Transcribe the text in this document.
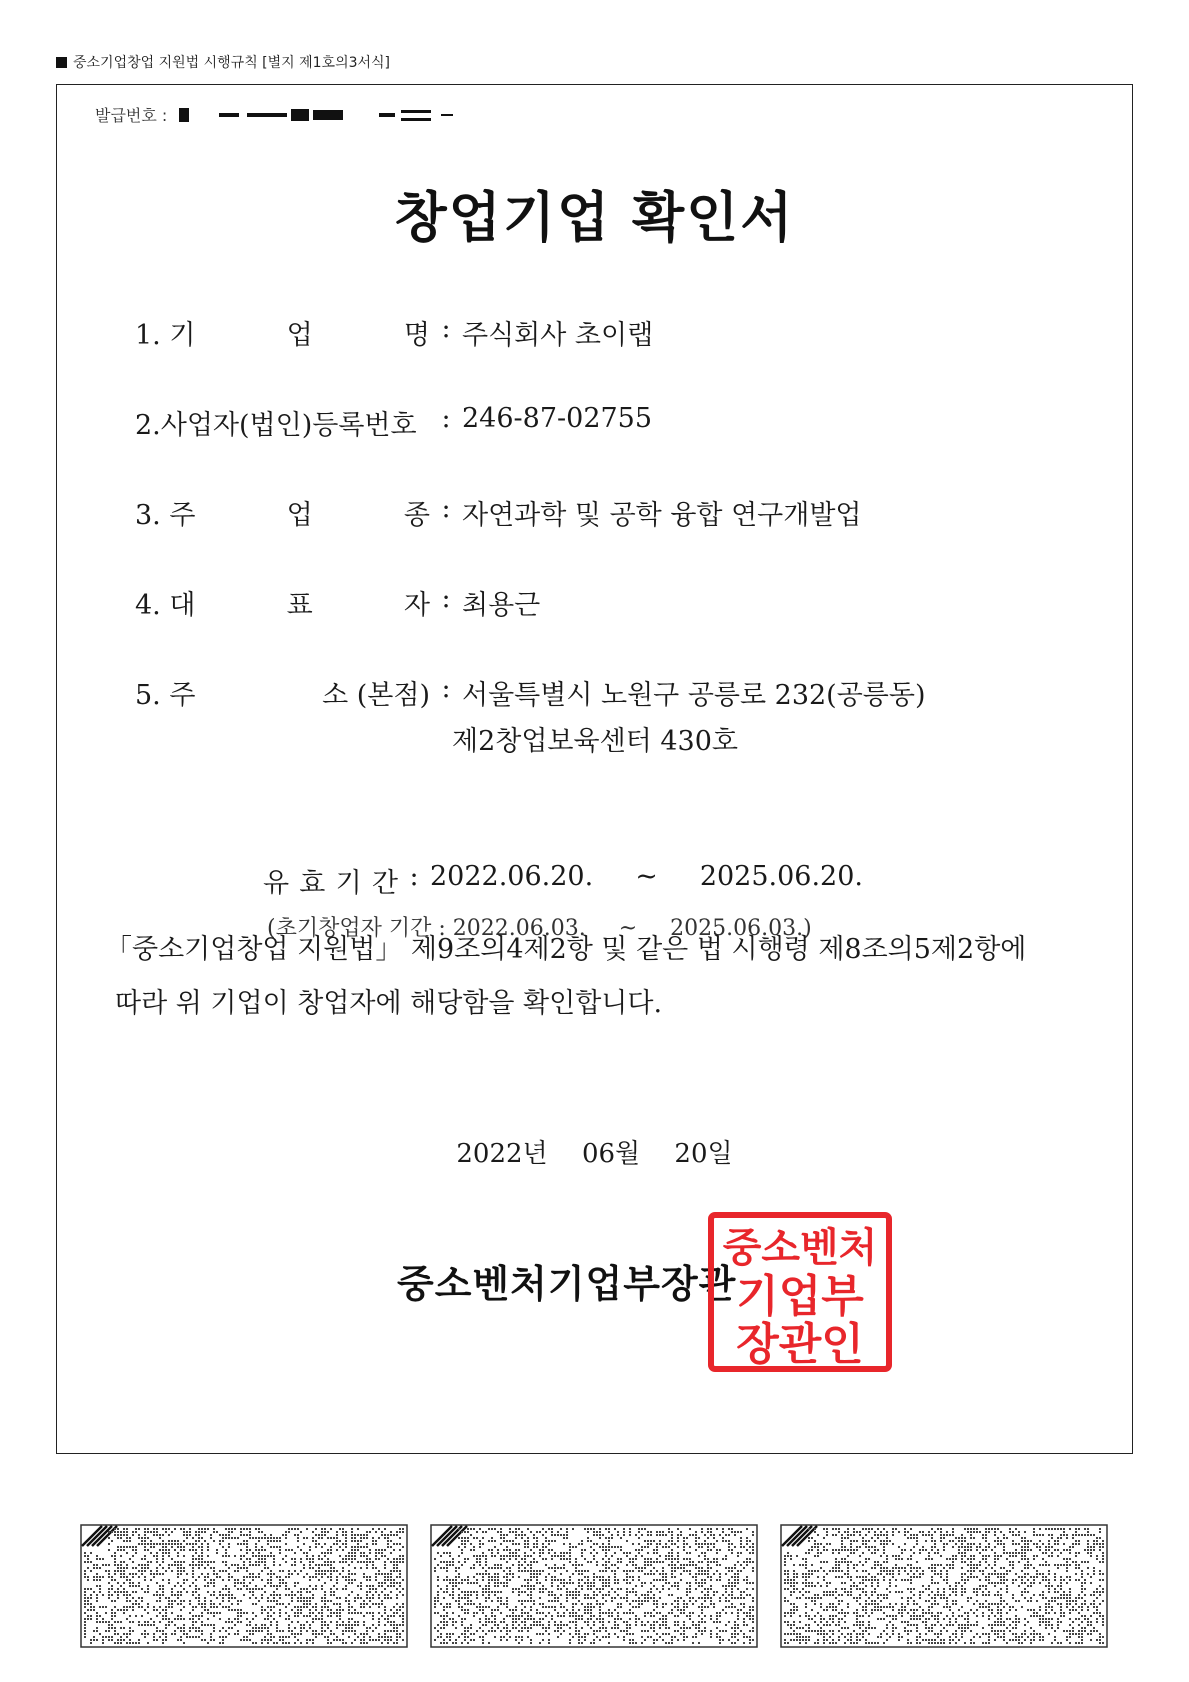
중소기업창업 지원법 시행규칙 [별지 제1호의3서식]
발급번호 :
창업기업 확인서
1. 기	업	명 : 주식회사 초이랩
2.사업자(법인)등록번호 : 246-87-02755
3. 주	업	종 : 자연과학 및 공학 융합 연구개발업
4. 대	표	자 : 최용근
5. 주	소 (본점) : 서울특별시 노원구 공릉로 232(공릉동)
제2창업보육센터 430호
유 효 기 간 : 2022.06.20. ~ 2025.06.20.
(초기창업자 기간 : 2022.06.03. ~ 2025.06.03.)
「중소기업창업 지원법」 제9조의4제2항 및 같은 법 시행령 제8조의5제2항에
따라 위 기업이 창업자에 해당함을 확인합니다.
2022년 06월 20일
중소벤처기업부장관
중소벤처
기업부
장관인
